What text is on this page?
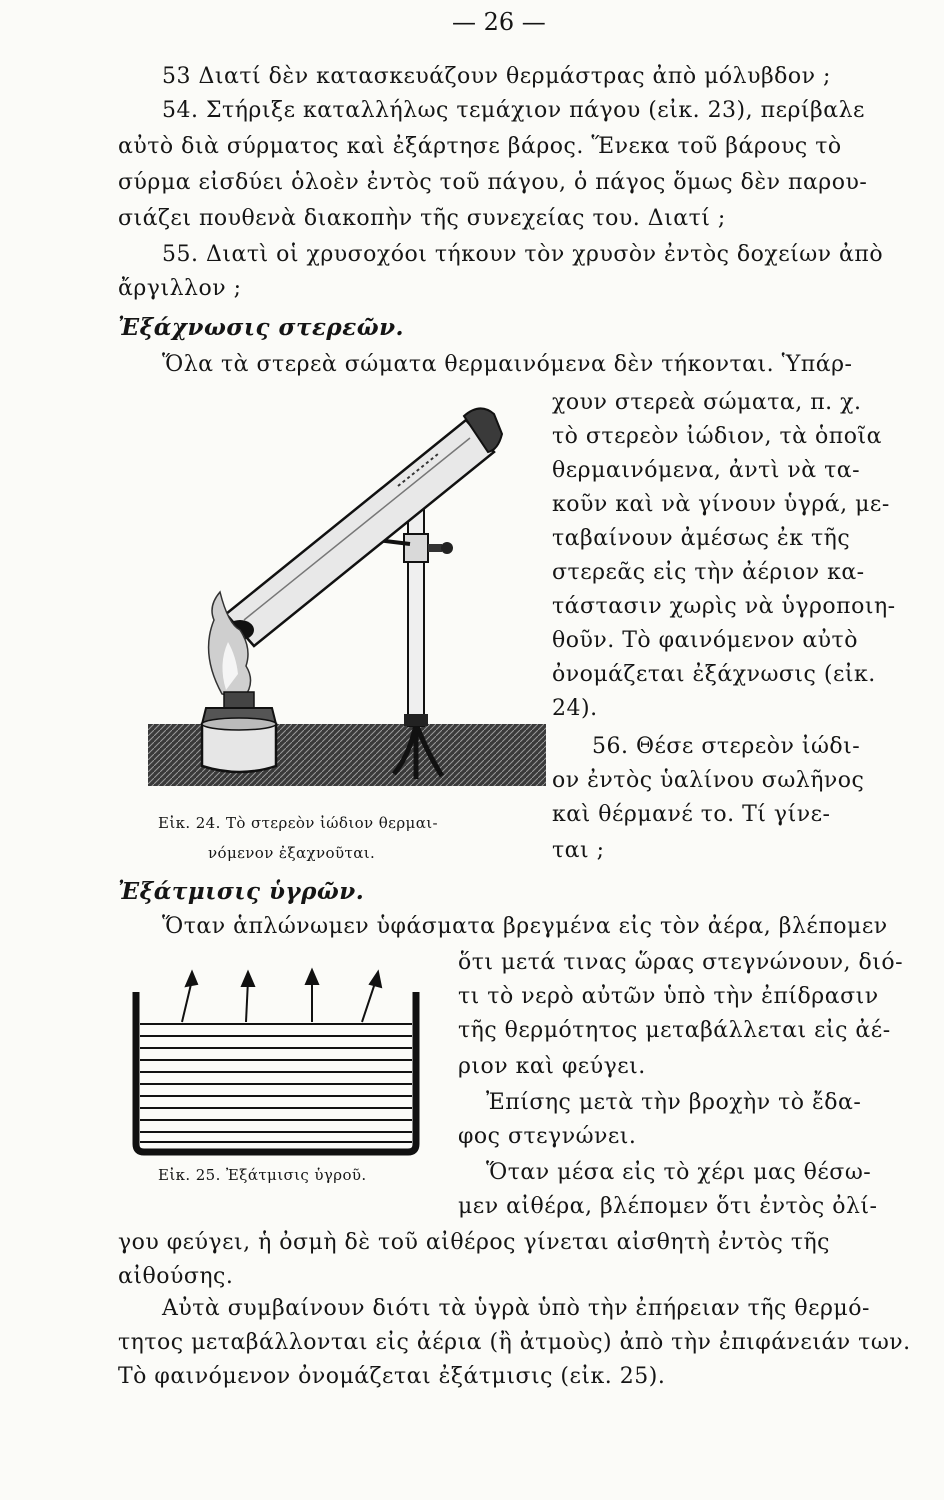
— 26 —
53 Διατί δὲν κατασκευάζουν θερμάστρας ἀπὸ μόλυβδον ;
54. Στήριξε καταλλήλως τεμάχιον πάγου (εἰκ. 23), περίβαλε
αὐτὸ διὰ σύρματος καὶ ἐξάρτησε βάρος. Ἕνεκα τοῦ βάρους τὸ
σύρμα εἰσδύει ὁλοὲν ἐντὸς τοῦ πάγου, ὁ πάγος ὅμως δὲν παρου-
σιάζει πουθενὰ διακοπὴν τῆς συνεχείας του. Διατί ;
55. Διατὶ οἱ χρυσοχόοι τήκουν τὸν χρυσὸν ἐντὸς δοχείων ἀπὸ
ἄργιλλον ;
Ἐξάχνωσις στερεῶν.
Ὅλα τὰ στερεὰ σώματα θερμαινόμενα δὲν τήκονται. Ὑπάρ-
χουν στερεὰ σώματα, π. χ.
τὸ στερεὸν ἰώδιον, τὰ ὁποῖα
θερμαινόμενα, ἀντὶ νὰ τα-
κοῦν καὶ νὰ γίνουν ὑγρά, με-
ταβαίνουν ἀμέσως ἐκ τῆς
στερεᾶς εἰς τὴν ἀέριον κα-
τάστασιν χωρὶς νὰ ὑγροποιη-
θοῦν. Τὸ φαινόμενον αὐτὸ
ὀνομάζεται ἐξάχνωσις (εἰκ.
24).
56. Θέσε στερεὸν ἰώδι-
ον ἐντὸς ὑαλίνου σωλῆνος
καὶ θέρμανέ το. Τί γίνε-
ται ;
Εἰκ. 24. Τὸ στερεὸν ἰώδιον θερμαι-
νόμενον ἐξαχνοῦται.
Ἐξάτμισις ὑγρῶν.
Ὅταν ἁπλώνωμεν ὑφάσματα βρεγμένα εἰς τὸν ἀέρα, βλέπομεν
ὅτι μετά τινας ὥρας στεγνώνουν, διό-
τι τὸ νερὸ αὐτῶν ὑπὸ τὴν ἐπίδρασιν
τῆς θερμότητος μεταβάλλεται εἰς ἀέ-
ριον καὶ φεύγει.
Ἐπίσης μετὰ τὴν βροχὴν τὸ ἔδα-
φος στεγνώνει.
Ὅταν μέσα εἰς τὸ χέρι μας θέσω-
μεν αἰθέρα, βλέπομεν ὅτι ἐντὸς ὀλί-
Εἰκ. 25. Ἐξάτμισις ὑγροῦ.
γου φεύγει, ἡ ὀσμὴ δὲ τοῦ αἰθέρος γίνεται αἰσθητὴ ἐντὸς τῆς
αἰθούσης.
Αὐτὰ συμβαίνουν διότι τὰ ὑγρὰ ὑπὸ τὴν ἐπήρειαν τῆς θερμό-
τητος μεταβάλλονται εἰς ἀέρια (ἢ ἀτμοὺς) ἀπὸ τὴν ἐπιφάνειάν των.
Τὸ φαινόμενον ὀνομάζεται ἐξάτμισις (εἰκ. 25).
